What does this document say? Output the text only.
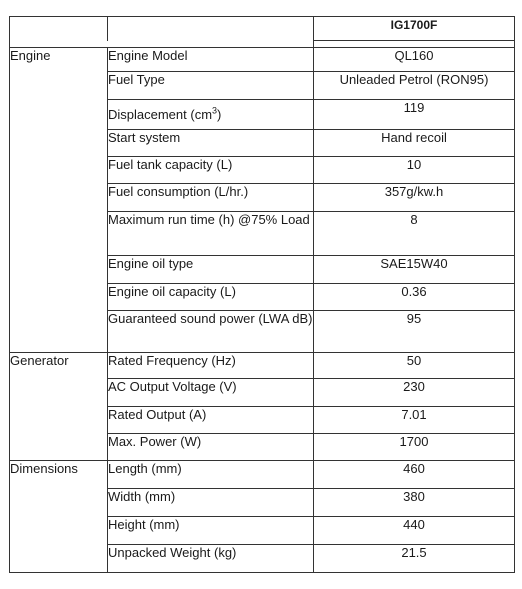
		IG1700F

Engine	Engine Model	QL160
	Fuel Type	Unleaded Petrol (RON95)
	Displacement $(cm^3)$	119
	Start system	Hand recoil
	Fuel tank capacity (L)	10
	Fuel consumption (L/hr.)	357g/kw.h
	Maximum run time (h) @75% Load	8
	Engine oil type	SAE15W40
	Engine oil capacity (L)	0.36
	Guaranteed sound power (LWA dB)	95
Generator	Rated Frequency (Hz)	50
	AC Output Voltage (V)	230
	Rated Output (A)	7.01
	Max. Power (W)	1700
Dimensions	Length (mm)	460
	Width (mm)	380
	Height (mm)	440
	Unpacked Weight (kg)	21.5
